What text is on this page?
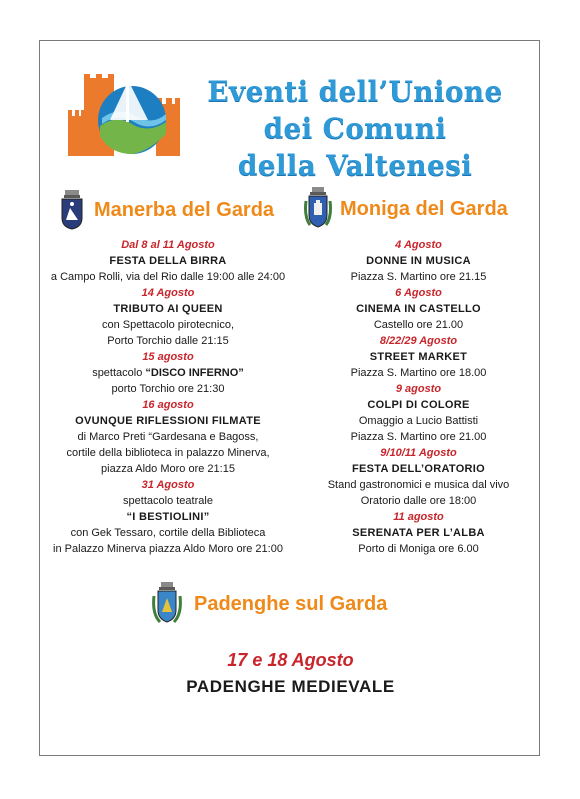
Eventi dell’Unione
dei Comuni
della Valtenesi
Manerba del Garda	Moniga del Garda
Dal 8 al 11 Agosto
FESTA DELLA BIRRA
a Campo Rolli, via del Rio dalle 19:00 alle 24:00
14 Agosto
TRIBUTO AI QUEEN
con Spettacolo pirotecnico,
Porto Torchio dalle 21:15
15 agosto
spettacolo “DISCO INFERNO”
porto Torchio ore 21:30
16 agosto
OVUNQUE RIFLESSIONI FILMATE
di Marco Preti “Gardesana e Bagoss,
cortile della biblioteca in palazzo Minerva,
piazza Aldo Moro ore 21:15
31 Agosto
spettacolo teatrale
“I BESTIOLINI”
con Gek Tessaro, cortile della Biblioteca
in Palazzo Minerva piazza Aldo Moro ore 21:00
4 Agosto
DONNE IN MUSICA
Piazza S. Martino ore 21.15
6 Agosto
CINEMA IN CASTELLO
Castello ore 21.00
8/22/29 Agosto
STREET MARKET
Piazza S. Martino ore 18.00
9 agosto
COLPI DI COLORE
Omaggio a Lucio Battisti
Piazza S. Martino ore 21.00
9/10/11 Agosto
FESTA DELL’ORATORIO
Stand gastronomici e musica dal vivo
Oratorio dalle ore 18:00
11 agosto
SERENATA PER L’ALBA
Porto di Moniga ore 6.00
Padenghe sul Garda
17 e 18 Agosto
PADENGHE MEDIEVALE
